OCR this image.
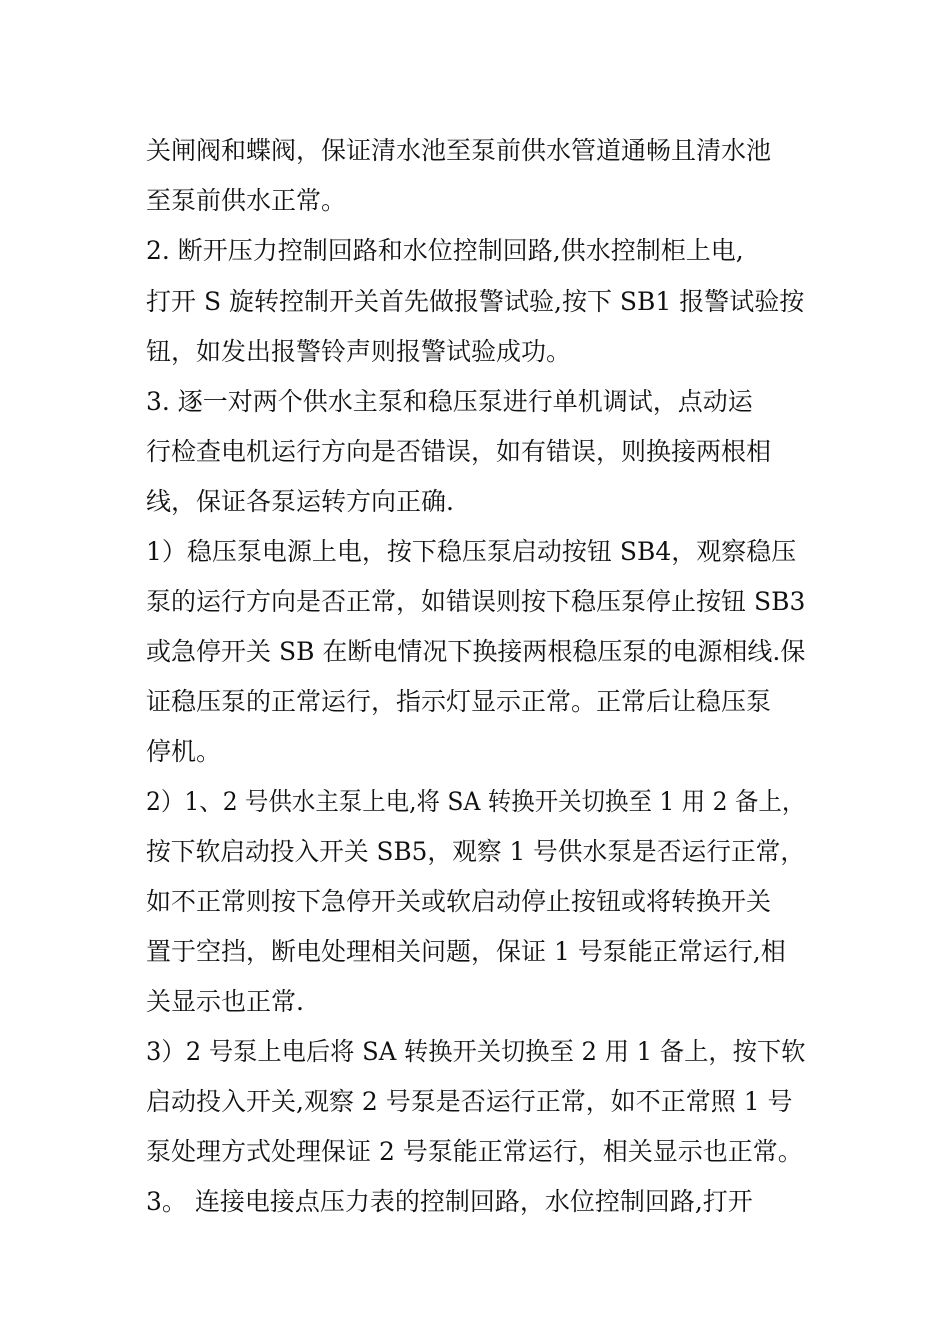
关闸阀和蝶阀，保证清水池至泵前供水管道通畅且清水池
至泵前供水正常。
2. 断开压力控制回路和水位控制回路,供水控制柜上电,
打开 S 旋转控制开关首先做报警试验,按下 SB1 报警试验按
钮，如发出报警铃声则报警试验成功。
3. 逐一对两个供水主泵和稳压泵进行单机调试，点动运
行检查电机运行方向是否错误，如有错误，则换接两根相
线，保证各泵运转方向正确.
1）稳压泵电源上电，按下稳压泵启动按钮 SB4，观察稳压
泵的运行方向是否正常，如错误则按下稳压泵停止按钮 SB3
或急停开关 SB 在断电情况下换接两根稳压泵的电源相线.保
证稳压泵的正常运行，指示灯显示正常。正常后让稳压泵
停机。
2）1、2 号供水主泵上电,将 SA 转换开关切换至 1 用 2 备上，
按下软启动投入开关 SB5，观察 1 号供水泵是否运行正常，
如不正常则按下急停开关或软启动停止按钮或将转换开关
置于空挡，断电处理相关问题，保证 1 号泵能正常运行,相
关显示也正常.
3）2 号泵上电后将 SA 转换开关切换至 2 用 1 备上，按下软
启动投入开关,观察 2 号泵是否运行正常，如不正常照 1 号
泵处理方式处理保证 2 号泵能正常运行，相关显示也正常。
3。 连接电接点压力表的控制回路，水位控制回路,打开
